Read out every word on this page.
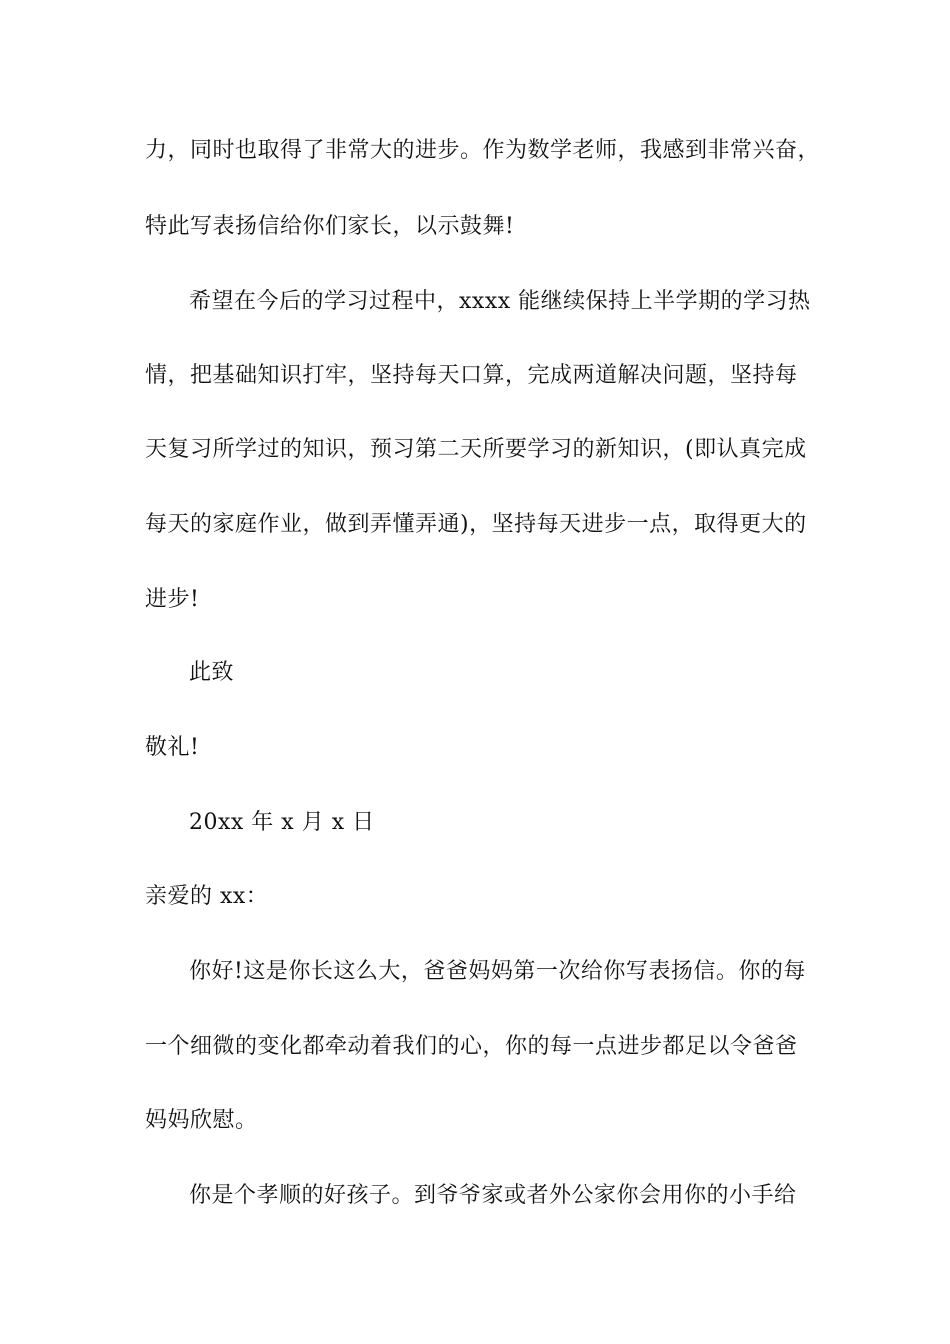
力，同时也取得了非常大的进步。作为数学老师，我感到非常兴奋，
特此写表扬信给你们家长，以示鼓舞!
希望在今后的学习过程中，xxxx 能继续保持上半学期的学习热
情，把基础知识打牢，坚持每天口算，完成两道解决问题，坚持每
天复习所学过的知识，预习第二天所要学习的新知识，(即认真完成
每天的家庭作业，做到弄懂弄通)，坚持每天进步一点，取得更大的
进步!
此致
敬礼!
20xx 年 x 月 x 日
亲爱的 xx：
你好!这是你长这么大，爸爸妈妈第一次给你写表扬信。你的每
一个细微的变化都牵动着我们的心，你的每一点进步都足以令爸爸
妈妈欣慰。
你是个孝顺的好孩子。到爷爷家或者外公家你会用你的小手给
